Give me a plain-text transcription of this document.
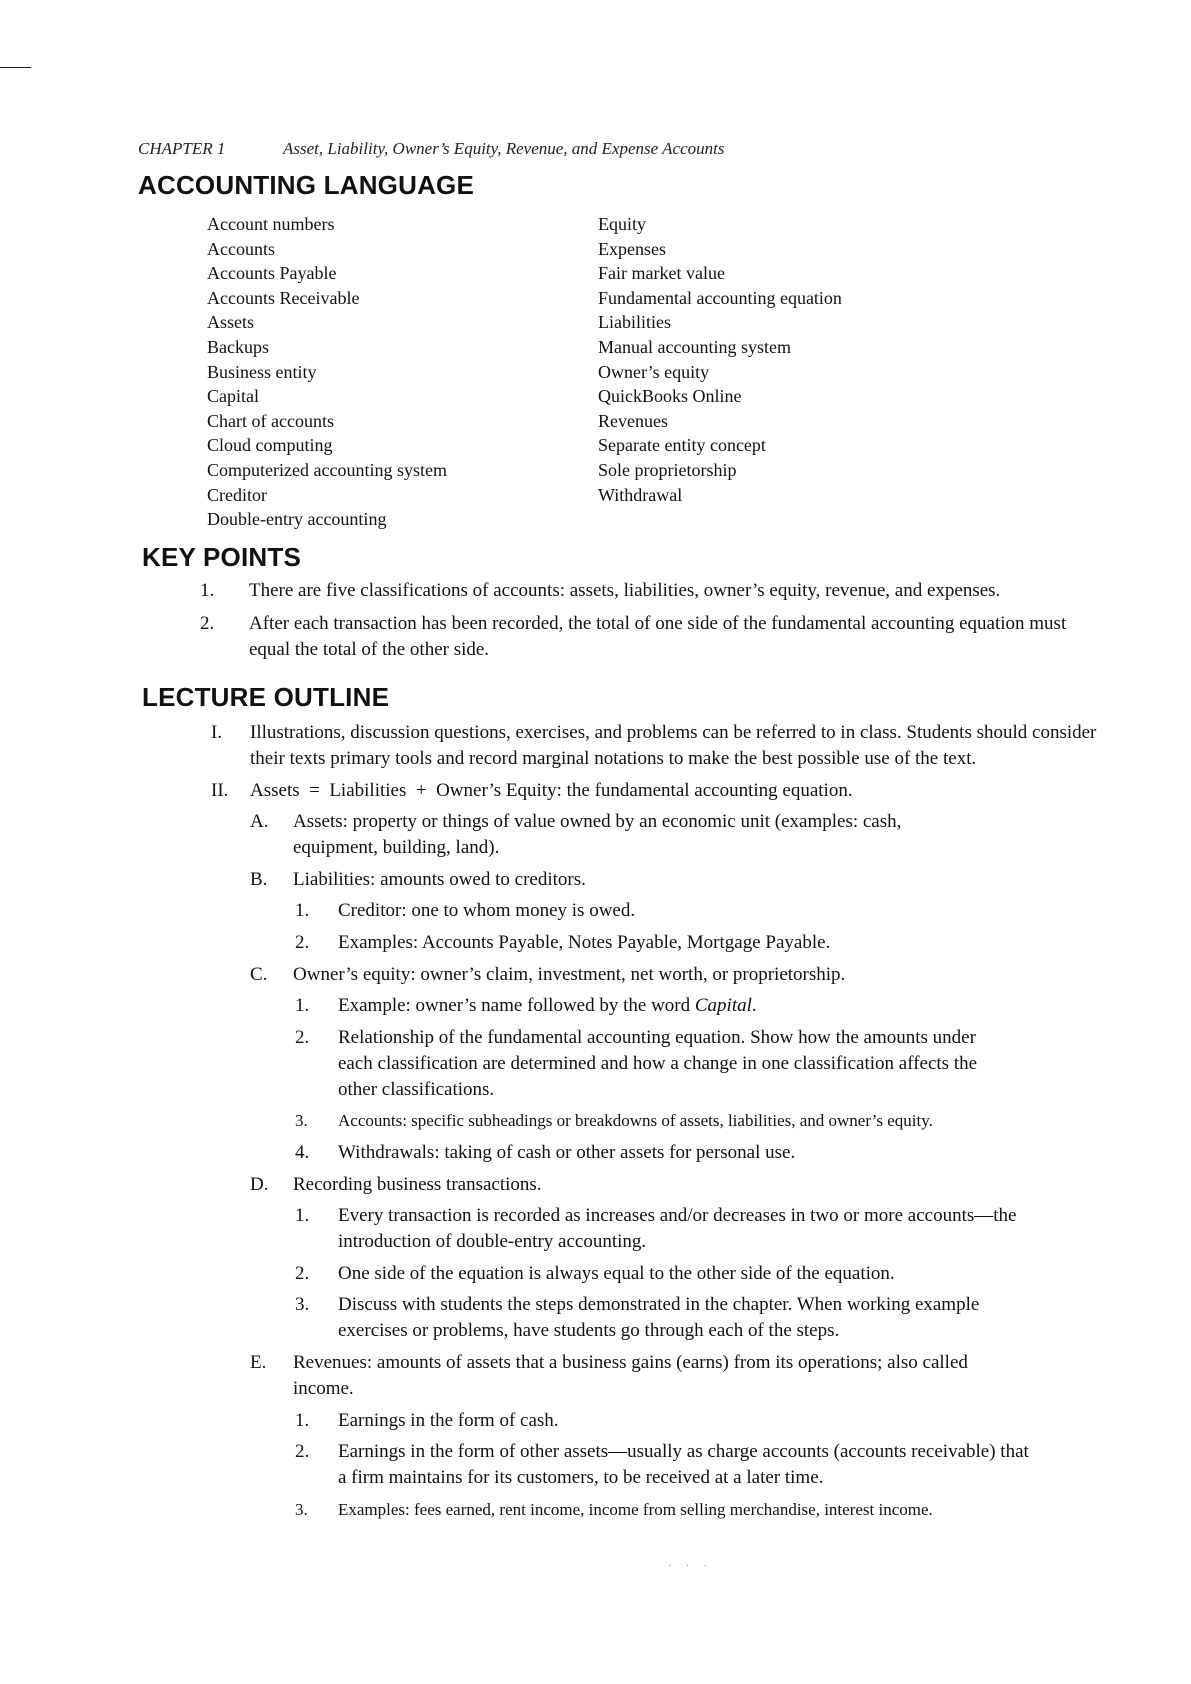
CHAPTER 1	Asset, Liability, Owner’s Equity, Revenue, and Expense Accounts
ACCOUNTING LANGUAGE
Account numbers
Accounts
Accounts Payable
Accounts Receivable
Assets
Backups
Business entity
Capital
Chart of accounts
Cloud computing
Computerized accounting system
Creditor
Double-entry accounting
Equity
Expenses
Fair market value
Fundamental accounting equation
Liabilities
Manual accounting system
Owner’s equity
QuickBooks Online
Revenues
Separate entity concept
Sole proprietorship
Withdrawal
KEY POINTS
1.	There are five classifications of accounts: assets, liabilities, owner’s equity, revenue, and expenses.
2.	After each transaction has been recorded, the total of one side of the fundamental accounting equation must equal the total of the other side.
LECTURE OUTLINE
I.	Illustrations, discussion questions, exercises, and problems can be referred to in class. Students should consider their texts primary tools and record marginal notations to make the best possible use of the text.
II.	Assets  =  Liabilities  +  Owner’s Equity: the fundamental accounting equation.
A.	Assets: property or things of value owned by an economic unit (examples: cash, equipment, building, land).
B.	Liabilities: amounts owed to creditors.
1.	Creditor: one to whom money is owed.
2.	Examples: Accounts Payable, Notes Payable, Mortgage Payable.
C.	Owner’s equity: owner’s claim, investment, net worth, or proprietorship.
1.	Example: owner’s name followed by the word Capital.
2.	Relationship of the fundamental accounting equation. Show how the amounts under each classification are determined and how a change in one classification affects the other classifications.
3.	Accounts: specific subheadings or breakdowns of assets, liabilities, and owner’s equity.
4.	Withdrawals: taking of cash or other assets for personal use.
D.	Recording business transactions.
1.	Every transaction is recorded as increases and/or decreases in two or more accounts—the introduction of double-entry accounting.
2.	One side of the equation is always equal to the other side of the equation.
3.	Discuss with students the steps demonstrated in the chapter. When working example exercises or problems, have students go through each of the steps.
E.	Revenues: amounts of assets that a business gains (earns) from its operations; also called income.
1.	Earnings in the form of cash.
2.	Earnings in the form of other assets—usually as charge accounts (accounts receivable) that a firm maintains for its customers, to be received at a later time.
3.	Examples: fees earned, rent income, income from selling merchandise, interest income.
· · ·
